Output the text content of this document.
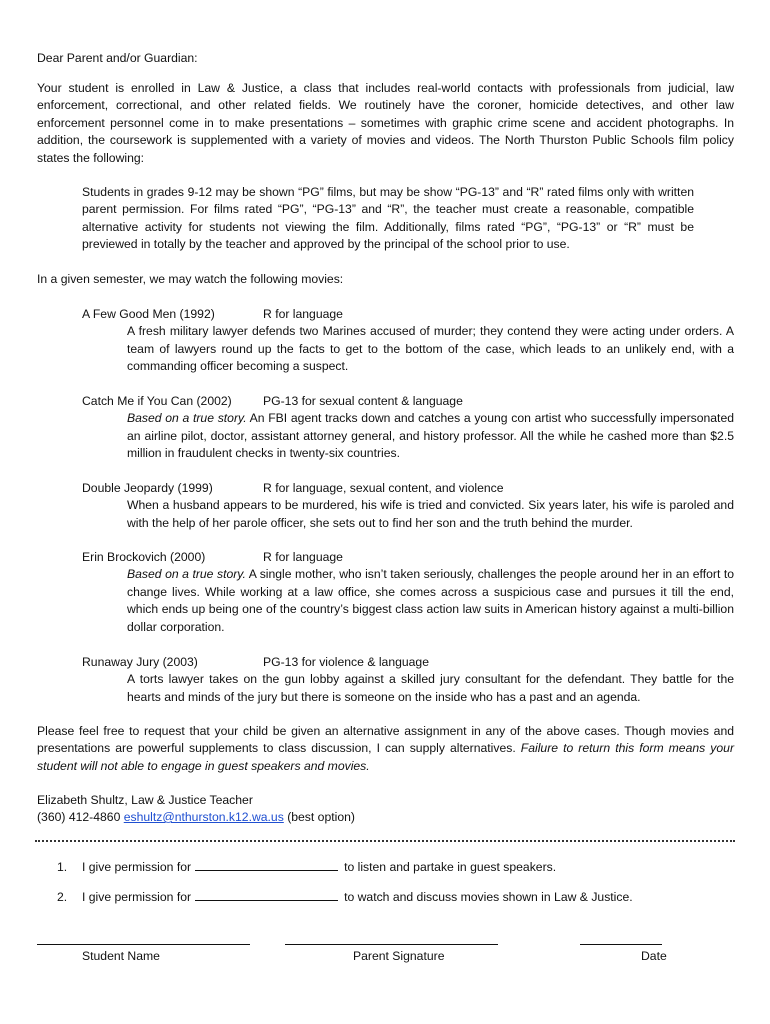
Dear Parent and/or Guardian:

Your student is enrolled in Law & Justice, a class that includes real-world contacts with professionals from judicial, law enforcement, correctional, and other related fields. We routinely have the coroner, homicide detectives, and other law enforcement personnel come in to make presentations – sometimes with graphic crime scene and accident photographs. In addition, the coursework is supplemented with a variety of movies and videos. The North Thurston Public Schools film policy states the following:

Students in grades 9-12 may be shown “PG” films, but may be show “PG-13” and “R” rated films only with written parent permission. For films rated “PG”, “PG-13” and “R”, the teacher must create a reasonable, compatible alternative activity for students not viewing the film. Additionally, films rated “PG”, “PG-13” or “R” must be previewed in totally by the teacher and approved by the principal of the school prior to use.

In a given semester, we may watch the following movies:

A Few Good Men (1992)	R for language

A fresh military lawyer defends two Marines accused of murder; they contend they were acting under orders. A team of lawyers round up the facts to get to the bottom of the case, which leads to an unlikely end, with a commanding officer becoming a suspect.

Catch Me if You Can (2002)	PG-13 for sexual content & language

Based on a true story. An FBI agent tracks down and catches a young con artist who successfully impersonated an airline pilot, doctor, assistant attorney general, and history professor. All the while he cashed more than $2.5 million in fraudulent checks in twenty-six countries.

Double Jeopardy (1999)	R for language, sexual content, and violence

When a husband appears to be murdered, his wife is tried and convicted. Six years later, his wife is paroled and with the help of her parole officer, she sets out to find her son and the truth behind the murder.

Erin Brockovich (2000)	R for language

Based on a true story. A single mother, who isn’t taken seriously, challenges the people around her in an effort to change lives. While working at a law office, she comes across a suspicious case and pursues it till the end, which ends up being one of the country’s biggest class action law suits in American history against a multi-billion dollar corporation.

Runaway Jury (2003)	PG-13 for violence & language

A torts lawyer takes on the gun lobby against a skilled jury consultant for the defendant. They battle for the hearts and minds of the jury but there is someone on the inside who has a past and an agenda.

Please feel free to request that your child be given an alternative assignment in any of the above cases. Though movies and presentations are powerful supplements to class discussion, I can supply alternatives. Failure to return this form means your student will not able to engage in guest speakers and movies.

Elizabeth Shultz, Law & Justice Teacher

(360) 412-4860 eshultz@nthurston.k12.wa.us (best option)

1. I give permission for	to listen and partake in guest speakers.
2. I give permission for	to watch and discuss movies shown in Law & Justice.
Student Name	Parent Signature	Date
